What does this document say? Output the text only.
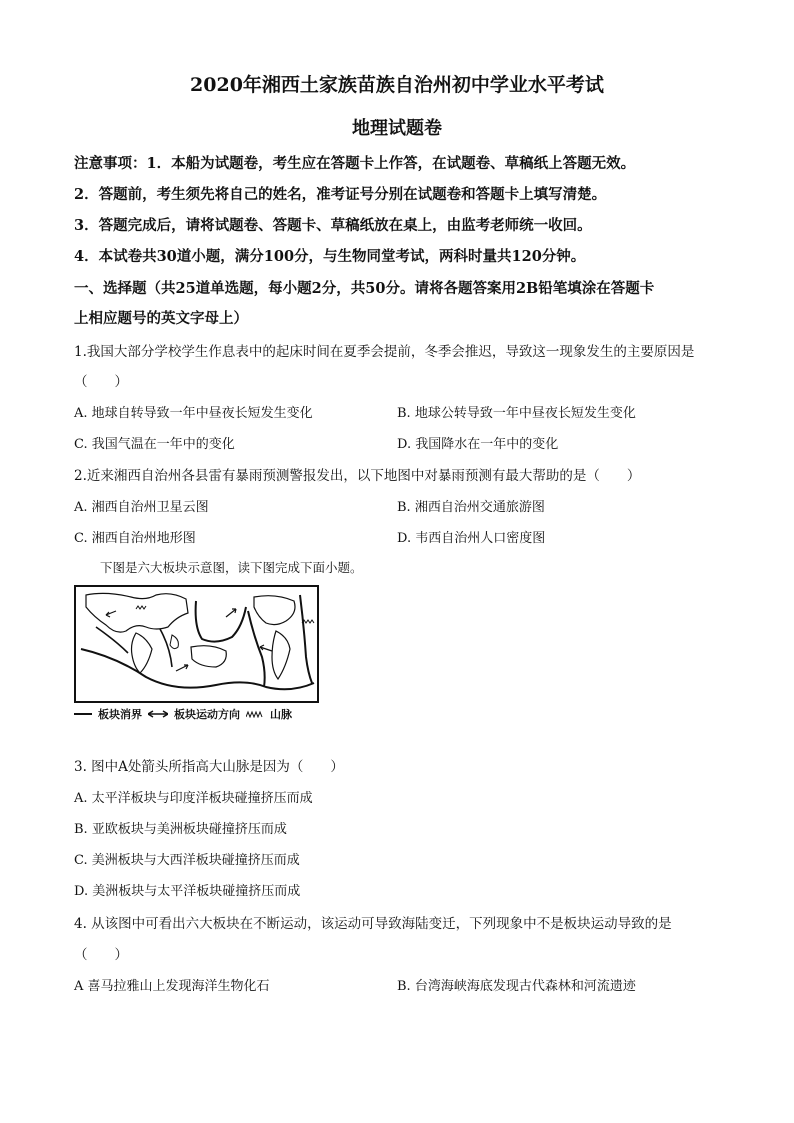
2020年湘西土家族苗族自治州初中学业水平考试
地理试题卷
注意事项：1．本船为试题卷，考生应在答题卡上作答，在试题卷、草稿纸上答题无效。
2．答题前，考生须先将自己的姓名，准考证号分别在试题卷和答题卡上填写清楚。
3．答题完成后，请将试题卷、答题卡、草稿纸放在桌上，由监考老师统一收回。
4．本试卷共30道小题，满分100分，与生物同堂考试，两科时量共120分钟。
一、选择题（共25道单选题，每小题2分，共50分。请将各题答案用2B铅笔填涂在答题卡
上相应题号的英文字母上）
1.我国大部分学校学生作息表中的起床时间在夏季会提前，冬季会推迟，导致这一现象发生的主要原因是
（　　）
A. 地球自转导致一年中昼夜长短发生变化	B. 地球公转导致一年中昼夜长短发生变化
C. 我国气温在一年中的变化	D. 我国降水在一年中的变化
2.近来湘西自治州各县雷有暴雨预测警报发出，以下地图中对暴雨预测有最大帮助的是（　　）
A. 湘西自治州卫星云图	B. 湘西自治州交通旅游图
C. 湘西自治州地形图	D. 韦西自治州人口密度图
下图是六大板块示意图，读下图完成下面小题。
板块消界	板块运动方向	山脉
3. 图中A处箭头所指高大山脉是因为（　　）
A. 太平洋板块与印度洋板块碰撞挤压而成
B. 亚欧板块与美洲板块碰撞挤压而成
C. 美洲板块与大西洋板块碰撞挤压而成
D. 美洲板块与太平洋板块碰撞挤压而成
4. 从该图中可看出六大板块在不断运动，该运动可导致海陆变迁，下列现象中不是板块运动导致的是
（　　）
A 喜马拉雅山上发现海洋生物化石	B. 台湾海峡海底发现古代森林和河流遗迹
